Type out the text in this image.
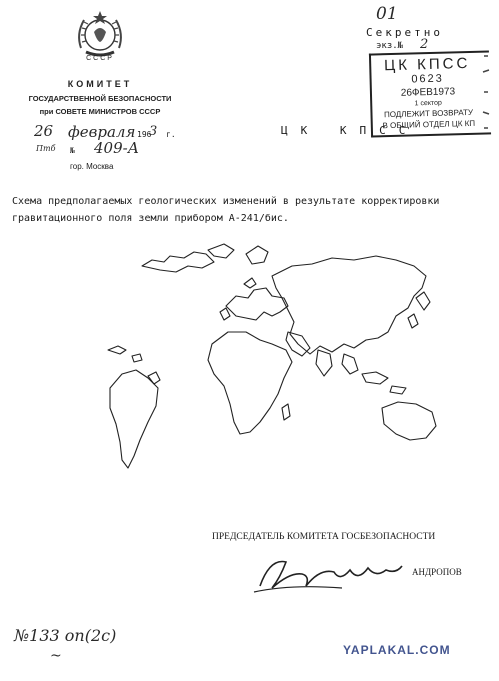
СССР
КОМИТЕТ
ГОСУДАРСТВЕННОЙ БЕЗОПАСНОСТИ
при СОВЕТЕ МИНИСТРОВ СССР
26 февраля 196
3 г.
Птб № 409-А
гор. Москва
ЦК КПСС
01
Секретно
экз.№ 2
ЦК КПСС
0623
26ФЕВ1973
1 сектор
ПОДЛЕЖИТ ВОЗВРАТУ
В ОБЩИЙ ОТДЕЛ ЦК КП
Схема предполагаемых геологических изменений в результате корректировки гравитационного поля земли прибором А-241/бис.
ПРЕДСЕДАТЕЛЬ КОМИТЕТА ГОСБЕЗОПАСНОСТИ
АНДРОПОВ
№133 оп(2с)
~	YAPLAKAL.COM
